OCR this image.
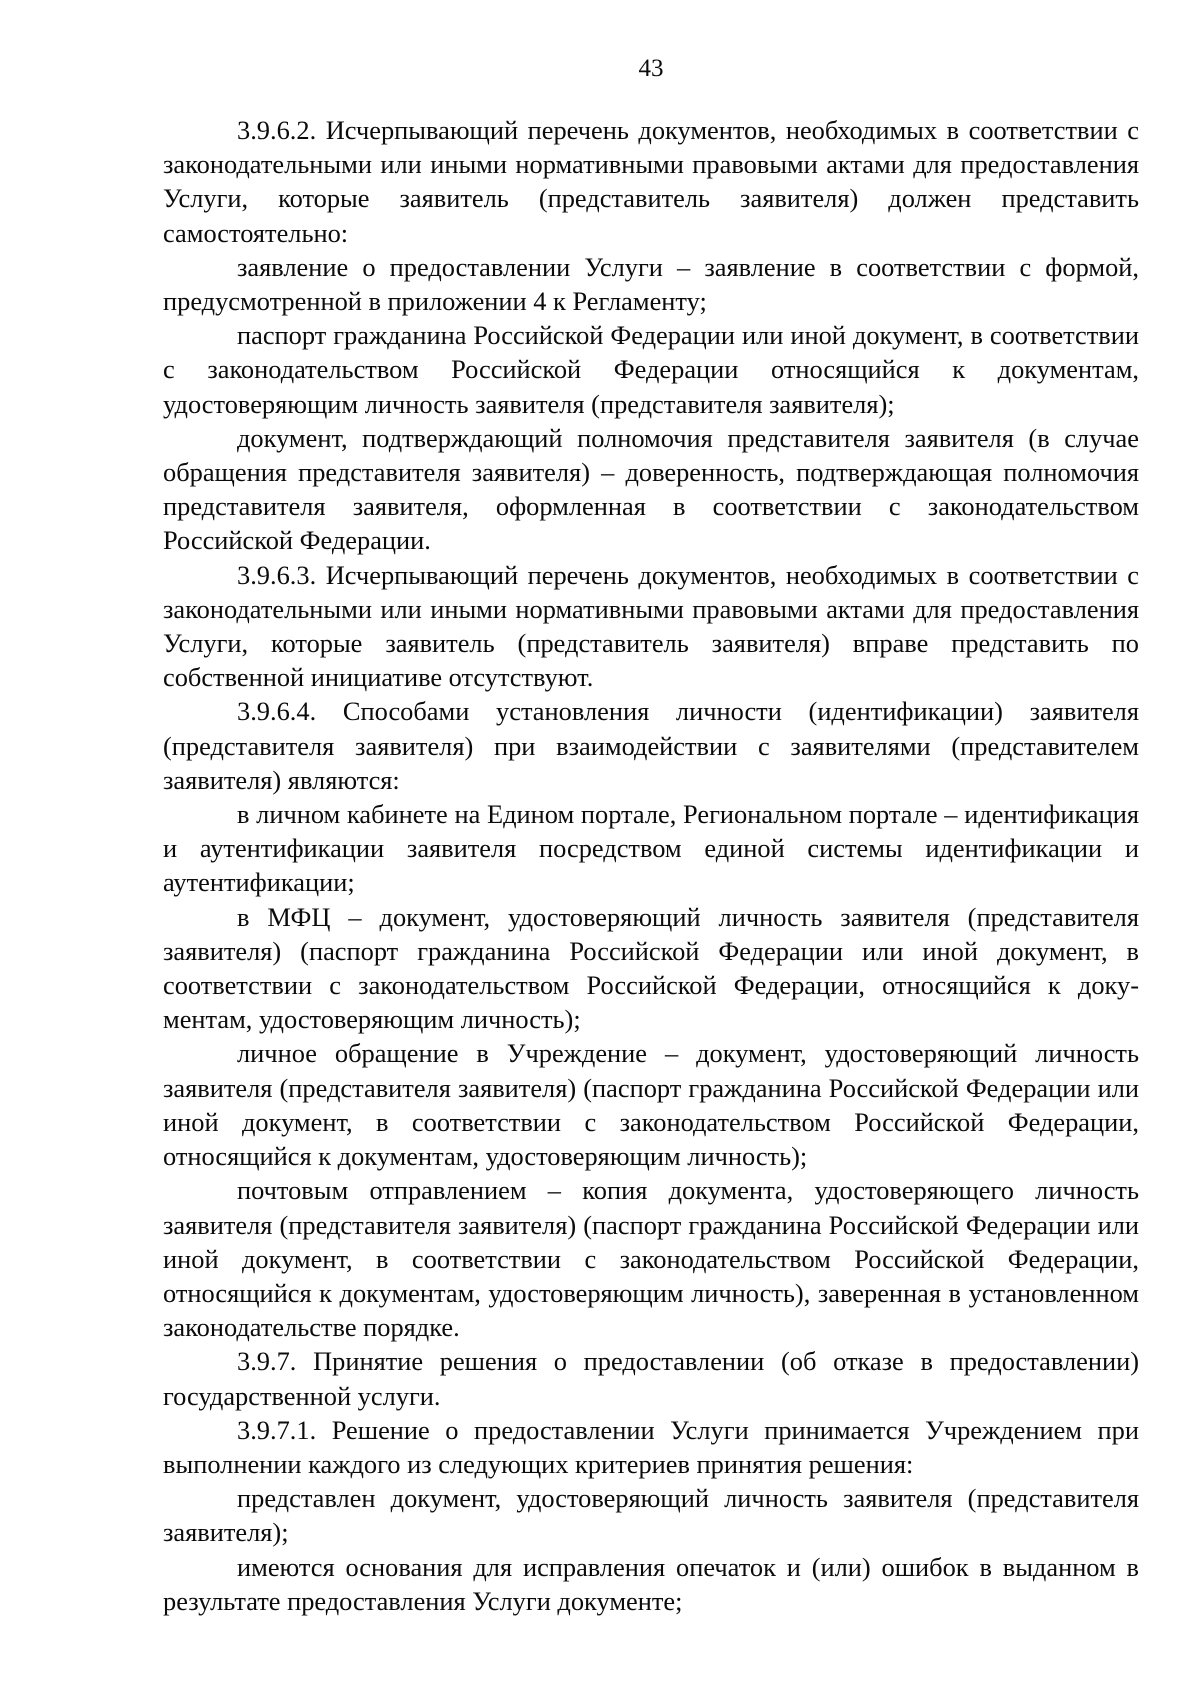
43

3.9.6.2. Исчерпывающий перечень документов, необходимых в соответствии с законодательными или иными нормативными правовыми актами для предоставления Услуги, которые заявитель (представитель заявителя) должен представить самостоятельно:

заявление о предоставлении Услуги – заявление в соответствии с формой, предусмотренной в приложении 4 к Регламенту;

паспорт гражданина Российской Федерации или иной документ, в соответствии с законодательством Российской Федерации относящийся к документам, удостоверяющим личность заявителя (представителя заявителя);

документ, подтверждающий полномочия представителя заявителя (в случае обращения представителя заявителя) – доверенность, подтверждающая полномочия представителя заявителя, оформленная в соответствии с законодательством Российской Федерации.

3.9.6.3. Исчерпывающий перечень документов, необходимых в соответствии с законодательными или иными нормативными правовыми актами для предоставления Услуги, которые заявитель (представитель заявителя) вправе представить по собственной инициативе отсутствуют.

3.9.6.4. Способами установления личности (идентификации) заявителя (представителя заявителя) при взаимодействии с заявителями (представителем заявителя) являются:

в личном кабинете на Едином портале, Региональном портале – идентификация и аутентификации заявителя посредством единой системы идентификации и аутентификации;

в МФЦ – документ, удостоверяющий личность заявителя (представителя заявителя) (паспорт гражданина Российской Федерации или иной документ, в соответствии с законодательством Российской Федерации, относящийся к документам, удостоверяющим личность);

личное обращение в Учреждение – документ, удостоверяющий личность заявителя (представителя заявителя) (паспорт гражданина Российской Федерации или иной документ, в соответствии с законодательством Российской Федерации, относящийся к документам, удостоверяющим личность);

почтовым отправлением – копия документа, удостоверяющего личность заявителя (представителя заявителя) (паспорт гражданина Российской Федерации или иной документ, в соответствии с законодательством Российской Федерации, относящийся к документам, удостоверяющим личность), заверенная в установленном законодательстве порядке.

3.9.7. Принятие решения о предоставлении (об отказе в предоставлении) государственной услуги.

3.9.7.1. Решение о предоставлении Услуги принимается Учреждением при выполнении каждого из следующих критериев принятия решения:

представлен документ, удостоверяющий личность заявителя (представителя заявителя);

имеются основания для исправления опечаток и (или) ошибок в выданном в результате предоставления Услуги документе;
